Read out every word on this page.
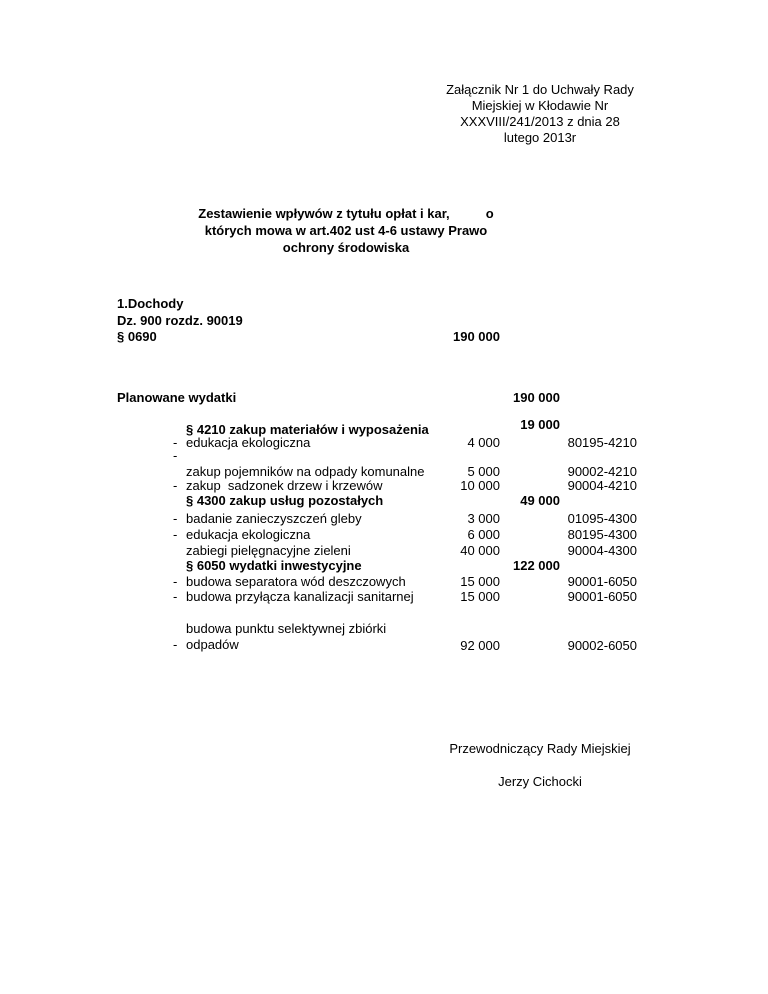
Załącznik Nr 1 do Uchwały Rady
Miejskiej w Kłodawie Nr
XXXVIII/241/2013 z dnia 28
lutego 2013r
Zestawienie wpływów z tytułu opłat i kar,          o
których mowa w art.402 ust 4-6 ustawy Prawo
ochrony środowiska
1.Dochody
Dz. 900 rozdz. 90019
§ 0690	190 000
Planowane wydatki	190 000
§ 4210 zakup materiałów i wyposażenia	19 000
- edukacja ekologiczna	4 000	80195-4210
-
zakup pojemników na odpady komunalne	5 000	90002-4210
- zakup  sadzonek drzew i krzewów	10 000	90004-4210
§ 4300 zakup usług pozostałych	49 000
- badanie zanieczyszczeń gleby	3 000	01095-4300
- edukacja ekologiczna	6 000	80195-4300
zabiegi pielęgnacyjne zieleni	40 000	90004-4300
§ 6050 wydatki inwestycyjne	122 000
- budowa separatora wód deszczowych	15 000	90001-6050
- budowa przyłącza kanalizacji sanitarnej	15 000	90001-6050
budowa punktu selektywnej zbiórki
- odpadów	92 000	90002-6050
Przewodniczący Rady Miejskiej
Jerzy Cichocki
